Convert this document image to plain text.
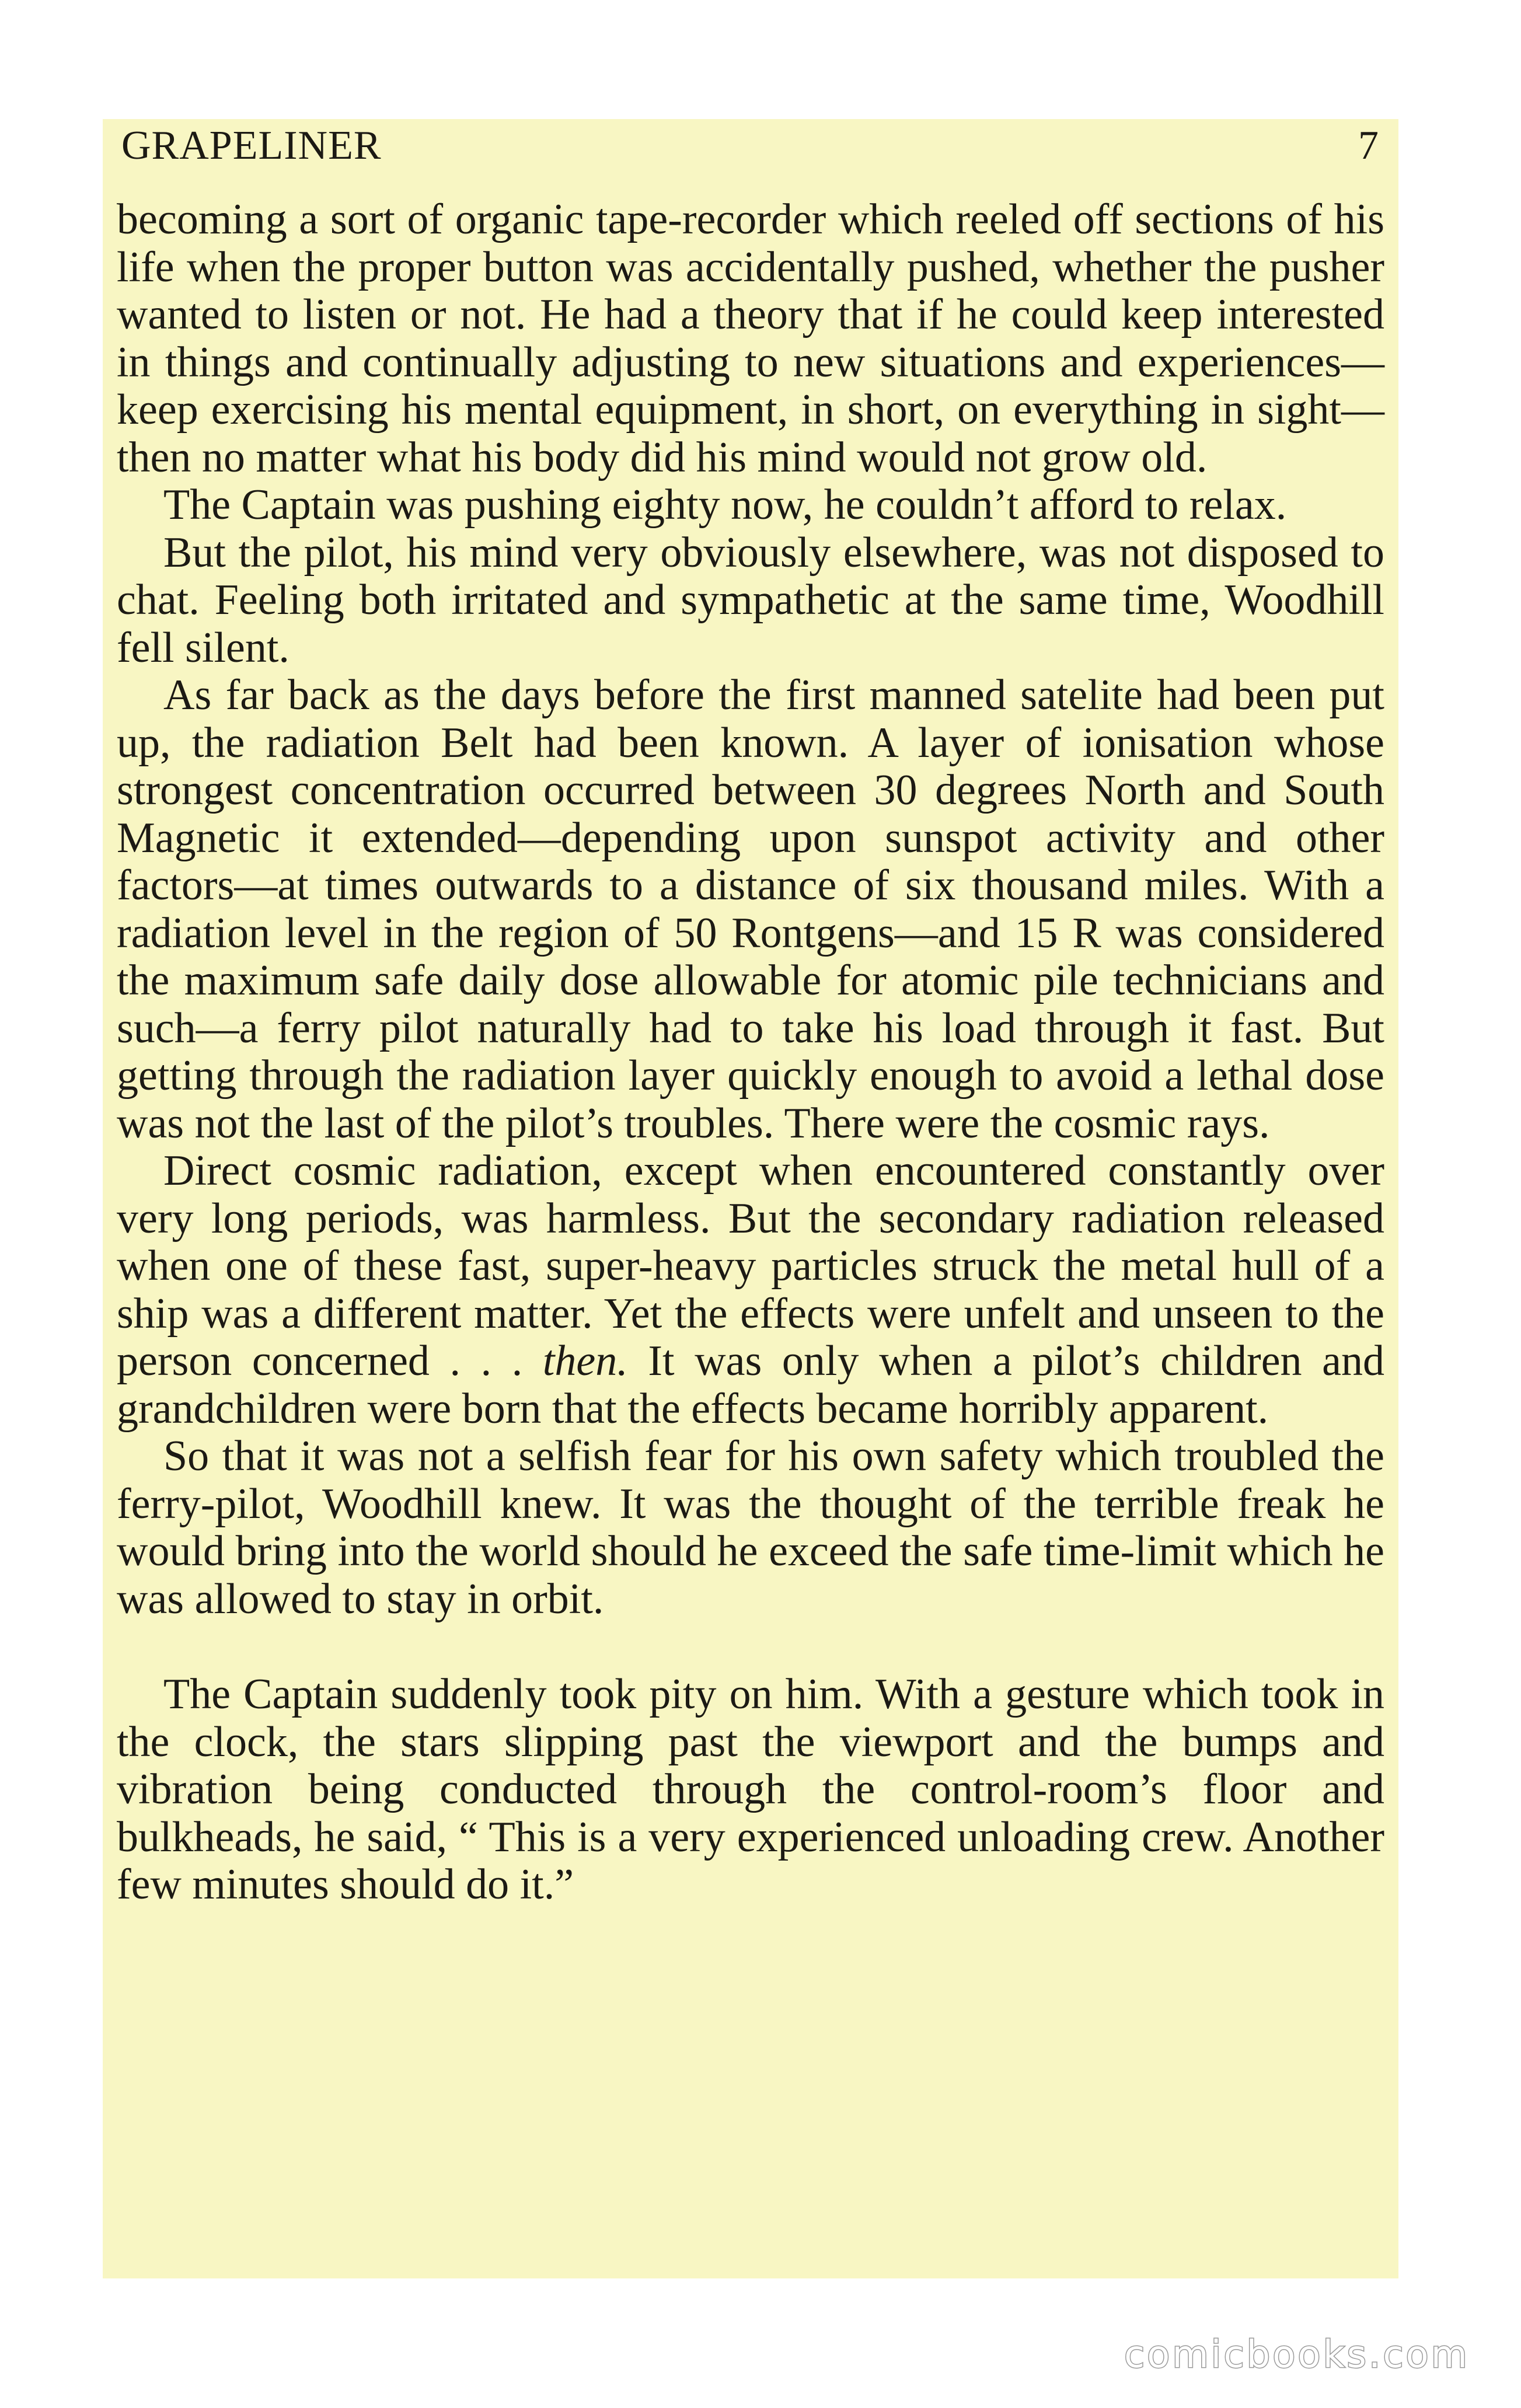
GRAPELINER	7

becoming a sort of organic tape-recorder which reeled off sections of his life when the proper button was accidentally pushed, whether the pusher wanted to listen or not. He had a theory that if he could keep interested in things and continually adjusting to new situations and experiences—keep exercising his mental equipment, in short, on everything in sight—then no matter what his body did his mind would not grow old.

The Captain was pushing eighty now, he couldn’t afford to relax.

But the pilot, his mind very obviously elsewhere, was not disposed to chat. Feeling both irritated and sympathetic at the same time, Woodhill fell silent.

As far back as the days before the first manned satelite had been put up, the radiation Belt had been known. A layer of ionisation whose strongest concentration occurred between 30 degrees North and South Magnetic it extended—depending upon sunspot activity and other factors—at times outwards to a distance of six thousand miles. With a radiation level in the region of 50 Rontgens—and 15 R was considered the maximum safe daily dose allowable for atomic pile technicians and such—a ferry pilot naturally had to take his load through it fast. But getting through the radiation layer quickly enough to avoid a lethal dose was not the last of the pilot’s troubles. There were the cosmic rays.

Direct cosmic radiation, except when encountered constantly over very long periods, was harmless. But the secondary radiation released when one of these fast, super-heavy particles struck the metal hull of a ship was a different matter. Yet the effects were unfelt and unseen to the person concerned . . . then. It was only when a pilot’s children and grandchildren were born that the effects became horribly apparent.

So that it was not a selfish fear for his own safety which troubled the ferry-pilot, Woodhill knew. It was the thought of the terrible freak he would bring into the world should he exceed the safe time-limit which he was allowed to stay in orbit.

The Captain suddenly took pity on him. With a gesture which took in the clock, the stars slipping past the viewport and the bumps and vibration being conducted through the control-room’s floor and bulkheads, he said, “ This is a very experienced unloading crew. Another few minutes should do it.”

comicbooks.com
